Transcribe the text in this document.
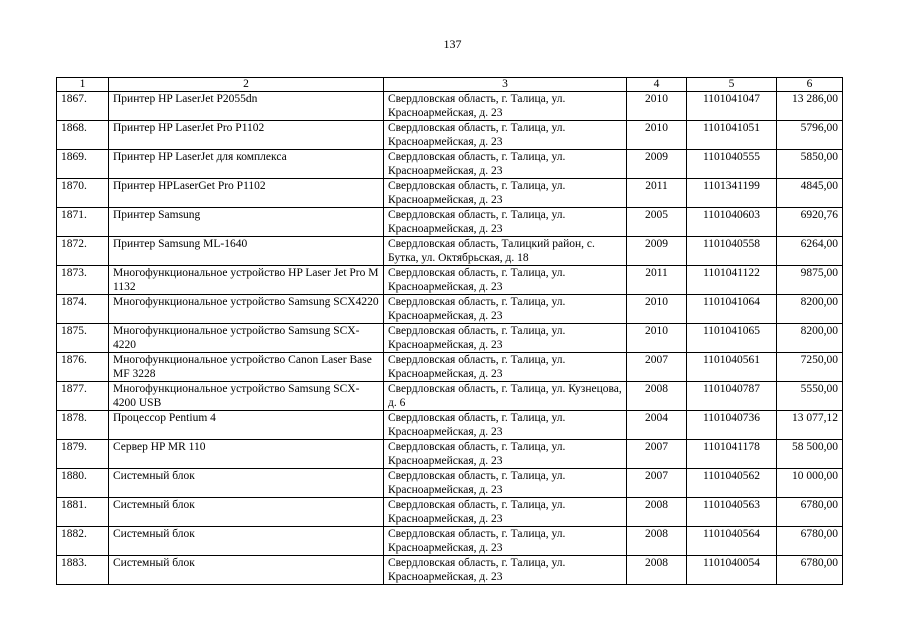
137
1	2	3	4	5	6
1867.	Принтер HP LaserJet P2055dn	Свердловская область, г. Талица, ул. Красноармейская, д. 23	2010	1101041047	13 286,00
1868.	Принтер HP LaserJet Pro P1102	Свердловская область, г. Талица, ул. Красноармейская, д. 23	2010	1101041051	5796,00
1869.	Принтер HP LaserJet для комплекса	Свердловская область, г. Талица, ул. Красноармейская, д. 23	2009	1101040555	5850,00
1870.	Принтер HPLaserGet Pro P1102	Свердловская область, г. Талица, ул. Красноармейская, д. 23	2011	1101341199	4845,00
1871.	Принтер Samsung	Свердловская область, г. Талица, ул. Красноармейская, д. 23	2005	1101040603	6920,76
1872.	Принтер Samsung ML-1640	Свердловская область, Талицкий район, с. Бутка, ул. Октябрьская, д. 18	2009	1101040558	6264,00
1873.	Многофункциональное устройство HP Laser Jet Pro M 1132	Свердловская область, г. Талица, ул. Красноармейская, д. 23	2011	1101041122	9875,00
1874.	Многофункциональное устройство Samsung SCX4220	Свердловская область, г. Талица, ул. Красноармейская, д. 23	2010	1101041064	8200,00
1875.	Многофункциональное устройство Samsung SCX-4220	Свердловская область, г. Талица, ул. Красноармейская, д. 23	2010	1101041065	8200,00
1876.	Многофункциональное устройство Canon Laser Base MF 3228	Свердловская область, г. Талица, ул. Красноармейская, д. 23	2007	1101040561	7250,00
1877.	Многофункциональное устройство Samsung SCX-4200 USB	Свердловская область, г. Талица, ул. Кузнецова, д. 6	2008	1101040787	5550,00
1878.	Процессор Pentium 4	Свердловская область, г. Талица, ул. Красноармейская, д. 23	2004	1101040736	13 077,12
1879.	Сервер HP MR 110	Свердловская область, г. Талица, ул. Красноармейская, д. 23	2007	1101041178	58 500,00
1880.	Системный блок	Свердловская область, г. Талица, ул. Красноармейская, д. 23	2007	1101040562	10 000,00
1881.	Системный блок	Свердловская область, г. Талица, ул. Красноармейская, д. 23	2008	1101040563	6780,00
1882.	Системный блок	Свердловская область, г. Талица, ул. Красноармейская, д. 23	2008	1101040564	6780,00
1883.	Системный блок	Свердловская область, г. Талица, ул. Красноармейская, д. 23	2008	1101040054	6780,00
